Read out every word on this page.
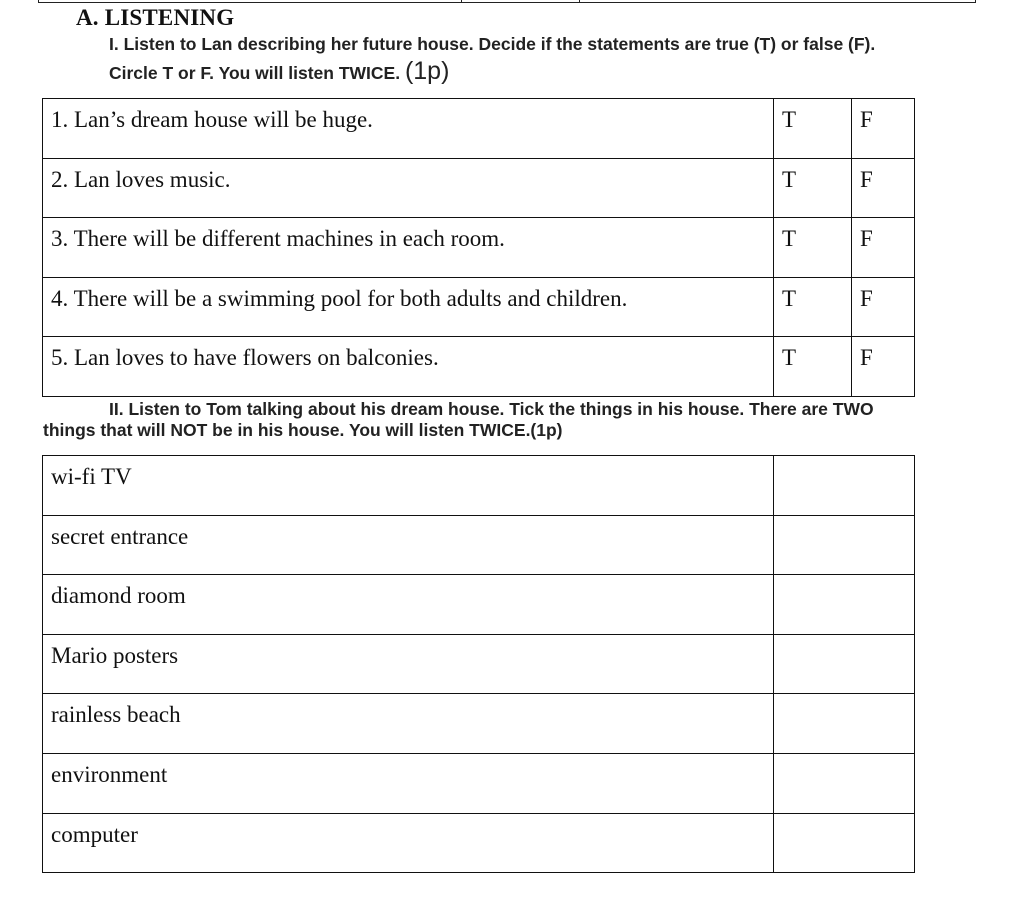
A. LISTENING
I. Listen to Lan describing her future house. Decide if the statements are true (T) or false (F).
Circle T or F. You will listen TWICE. (1p)
1. Lan’s dream house will be huge.	T	F

2. Lan loves music.	T	F

3. There will be different machines in each room.	T	F

4. There will be a swimming pool for both adults and children.	T	F

5. Lan loves to have flowers on balconies.	T	F
II. Listen to Tom talking about his dream house. Tick the things in his house. There are TWO
things that will NOT be in his house. You will listen TWICE.(1p)
wi-fi TV	

secret entrance	

diamond room	

Mario posters	

rainless beach	

environment	

computer	
